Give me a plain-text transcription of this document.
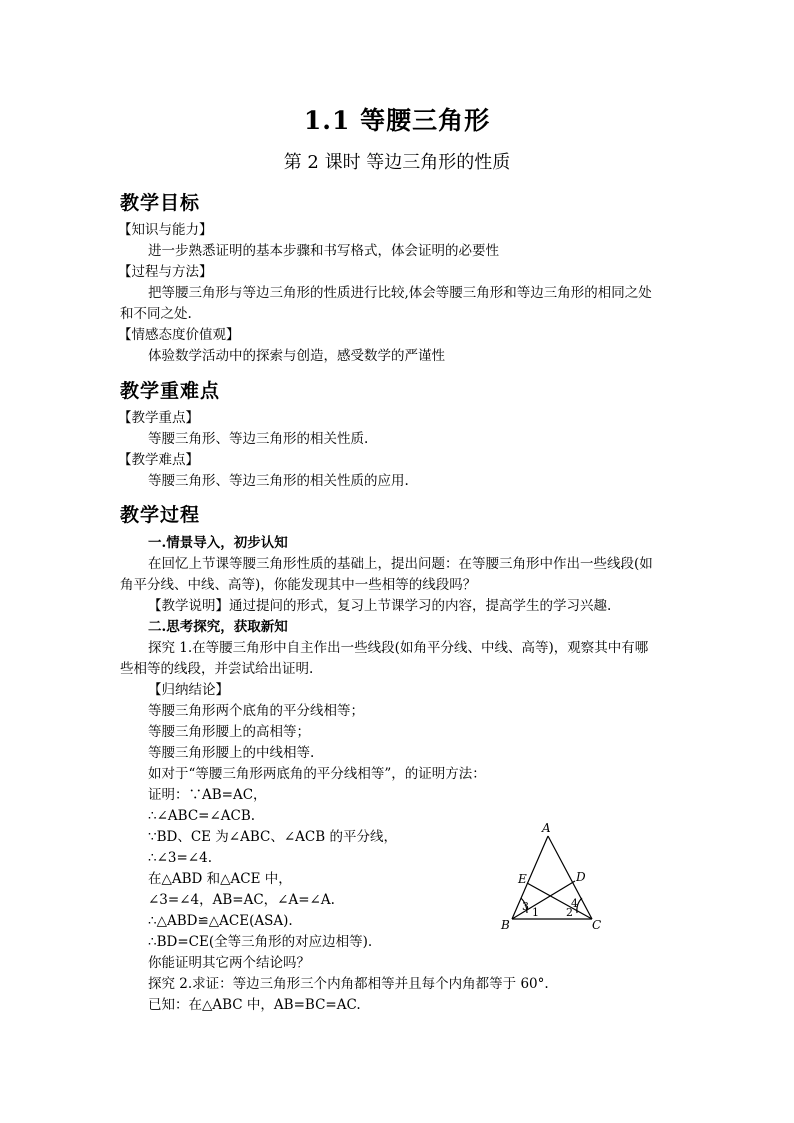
1.1 等腰三角形
第 2 课时 等边三角形的性质
教学目标
【知识与能力】
进一步熟悉证明的基本步骤和书写格式，体会证明的必要性
【过程与方法】
把等腰三角形与等边三角形的性质进行比较,体会等腰三角形和等边三角形的相同之处
和不同之处.
【情感态度价值观】
体验数学活动中的探索与创造，感受数学的严谨性
教学重难点
【教学重点】
等腰三角形、等边三角形的相关性质.
【教学难点】
等腰三角形、等边三角形的相关性质的应用.
教学过程
一.情景导入，初步认知
在回忆上节课等腰三角形性质的基础上，提出问题：在等腰三角形中作出一些线段(如
角平分线、中线、高等)，你能发现其中一些相等的线段吗？
【教学说明】通过提问的形式，复习上节课学习的内容，提高学生的学习兴趣.
二.思考探究，获取新知
探究 1.在等腰三角形中自主作出一些线段(如角平分线、中线、高等)，观察其中有哪
些相等的线段，并尝试给出证明.
【归纳结论】
等腰三角形两个底角的平分线相等；
等腰三角形腰上的高相等；
等腰三角形腰上的中线相等.
如对于“等腰三角形两底角的平分线相等”，的证明方法：
证明：∵AB=AC，
∴∠ABC=∠ACB.
∵BD、CE 为∠ABC、∠ACB 的平分线，
∴∠3=∠4.
在△ABD 和△ACE 中，
∠3=∠4，AB=AC，∠A=∠A.
∴△ABD≌△ACE(ASA).
∴BD=CE(全等三角形的对应边相等).
你能证明其它两个结论吗？
探究 2.求证：等边三角形三个内角都相等并且每个内角都等于 60°.
已知：在△ABC 中，AB=BC=AC.
A
B	C
D
E
1 2
3	4
